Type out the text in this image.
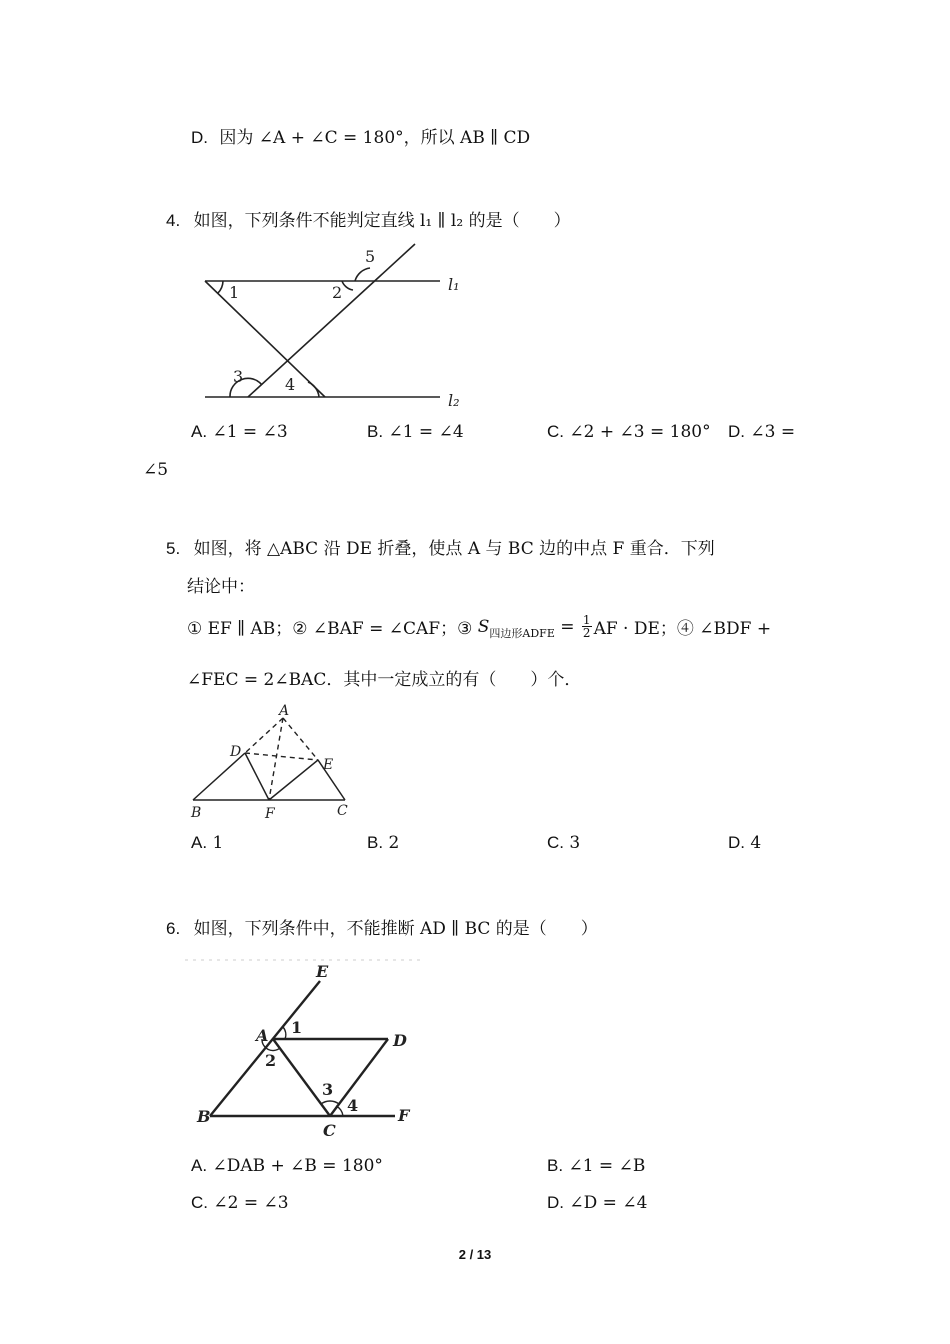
D. 因为 ∠A + ∠C = 180°，所以 AB ∥ CD
4. 如图，下列条件不能判定直线 l₁ ∥ l₂ 的是（　　）
1	2
3	4
5
l₁
l₂
A. ∠1 = ∠3	B. ∠1 = ∠4	C. ∠2 + ∠3 = 180° D. ∠3 =
∠5
5. 如图，将 △ABC 沿 DE 折叠，使点 A 与 BC 边的中点 F 重合．下列
结论中：
① EF ∥ AB；② ∠BAF = ∠CAF；③ S 四边形ADFE = $\frac{1}{2}$ AF · DE；④ ∠BDF +
∠FEC = 2∠BAC．其中一定成立的有（　　）个．
A
D
E
B	F	C
A. 1	B. 2	C. 3	D. 4
6. 如图，下列条件中，不能推断 AD ∥ BC 的是（　　）
E
A 1
D
2
3
4
B
C
F
A. ∠DAB + ∠B = 180°	B. ∠1 = ∠B
C. ∠2 = ∠3	D. ∠D = ∠4
2 / 13
